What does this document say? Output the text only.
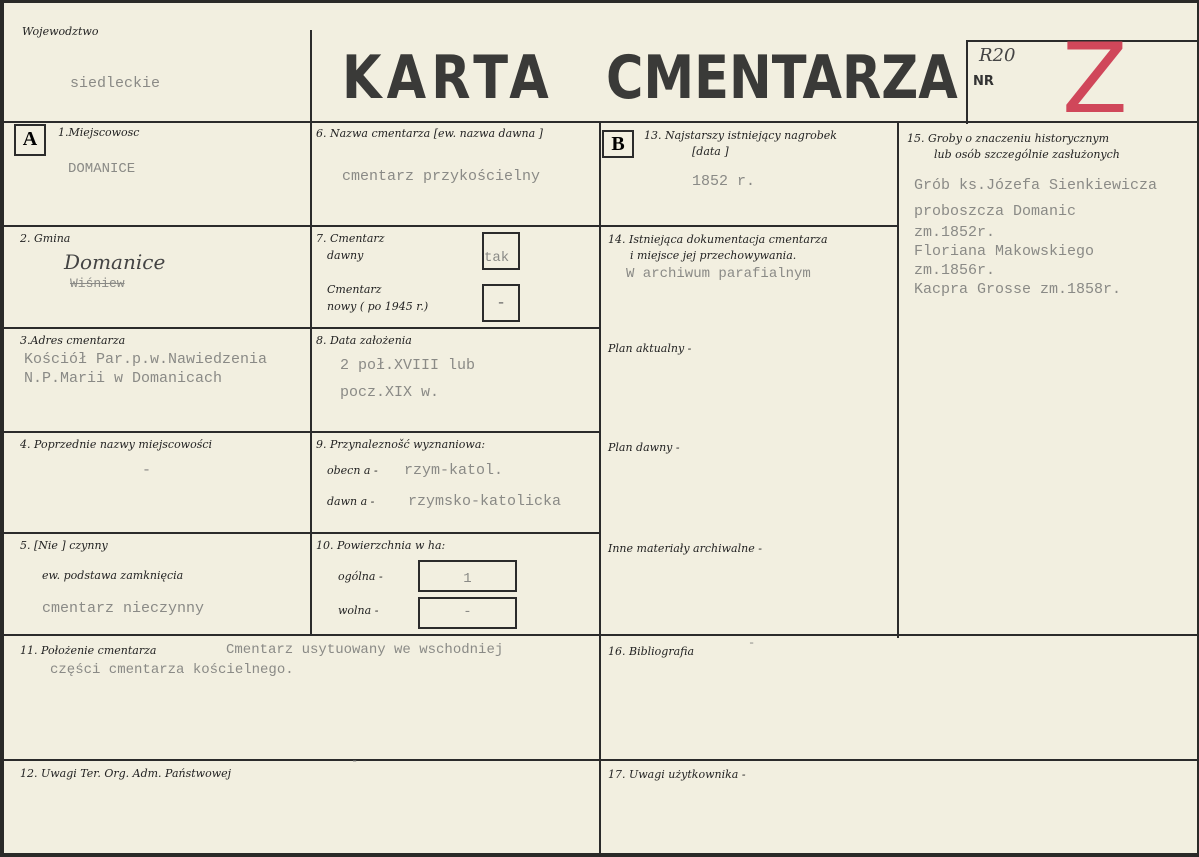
Wojewodztwo
siedleckie	KARTA CMENTARZA R20
NR Z
A	1.Miejscowosc
DOMANICE
6. Nazwa cmentarza [ew. nazwa dawna ]
cmentarz przykościelny
2. Gmina
Domanice
Wiśniew
7. Cmentarz
dawny	tak
Cmentarz
nowy ( po 1945 r.)	-
3.Adres cmentarza
Kościół Par.p.w.Nawiedzenia
N.P.Marii w Domanicach
8. Data założenia
2 poł.XVIII lub
pocz.XIX w.
4. Poprzednie nazwy miejscowości
-
9. Przynaleznošć wyznaniowa:
obecn a - rzym-katol.
dawn a - rzymsko-katolicka
5. [Nie ] czynny
ew. podstawa zamknięcia
cmentarz nieczynny
10. Powierzchnia w ha:
ogólna -	1
wolna -	-
11. Położenie cmentarza	Cmentarz usytuowany we wschodniej
części cmentarza kościelnego.
12. Uwagi Ter. Org. Adm. Państwowej
-
B	13. Najstarszy istniejący nagrobek
[data ]
1852 r.
14. Istniejąca dokumentacja cmentarza
i miejsce jej przechowywania.
W archiwum parafialnym
Plan aktualny -
Plan dawny -
Inne materiały archiwalne -
15. Groby o znaczeniu historycznym
lub osób szczególnie zasłużonych
Grób ks.Józefa Sienkiewicza
proboszcza Domanic
zm.1852r.
Floriana Makowskiego
zm.1856r.
Kacpra Grosse zm.1858r.
16. Bibliografia
-
17. Uwagi użytkownika -
